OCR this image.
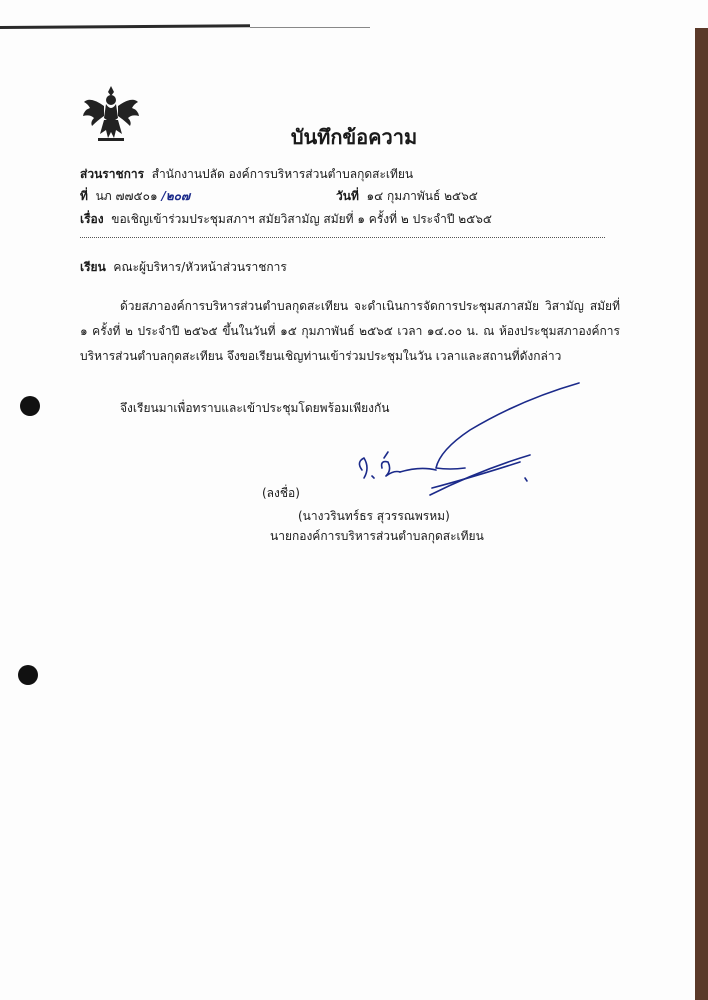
บันทึกข้อความ
ส่วนราชการ สำนักงานปลัด องค์การบริหารส่วนตำบลกุดสะเทียน
ที่ นภ ๗๗๕๐๑ /๒๐๗	วันที่ ๑๔ กุมภาพันธ์ ๒๕๖๕
เรื่อง ขอเชิญเข้าร่วมประชุมสภาฯ สมัยวิสามัญ สมัยที่ ๑ ครั้งที่ ๒ ประจำปี ๒๕๖๕
เรียน คณะผู้บริหาร/หัวหน้าส่วนราชการ
ด้วยสภาองค์การบริหารส่วนตำบลกุดสะเทียน จะดำเนินการจัดการประชุมสภาสมัย วิสามัญ สมัยที่ ๑ ครั้งที่ ๒ ประจำปี ๒๕๖๕ ขึ้นในวันที่ ๑๕ กุมภาพันธ์ ๒๕๖๕ เวลา ๑๔.๐๐ น. ณ ห้องประชุมสภาองค์การบริหารส่วนตำบลกุดสะเทียน จึงขอเรียนเชิญท่านเข้าร่วมประชุมในวัน เวลาและสถานที่ดังกล่าว
จึงเรียนมาเพื่อทราบและเข้าประชุมโดยพร้อมเพียงกัน
(ลงชื่อ)
(นางวรินทร์ธร สุวรรณพรหม)
นายกองค์การบริหารส่วนตำบลกุดสะเทียน
